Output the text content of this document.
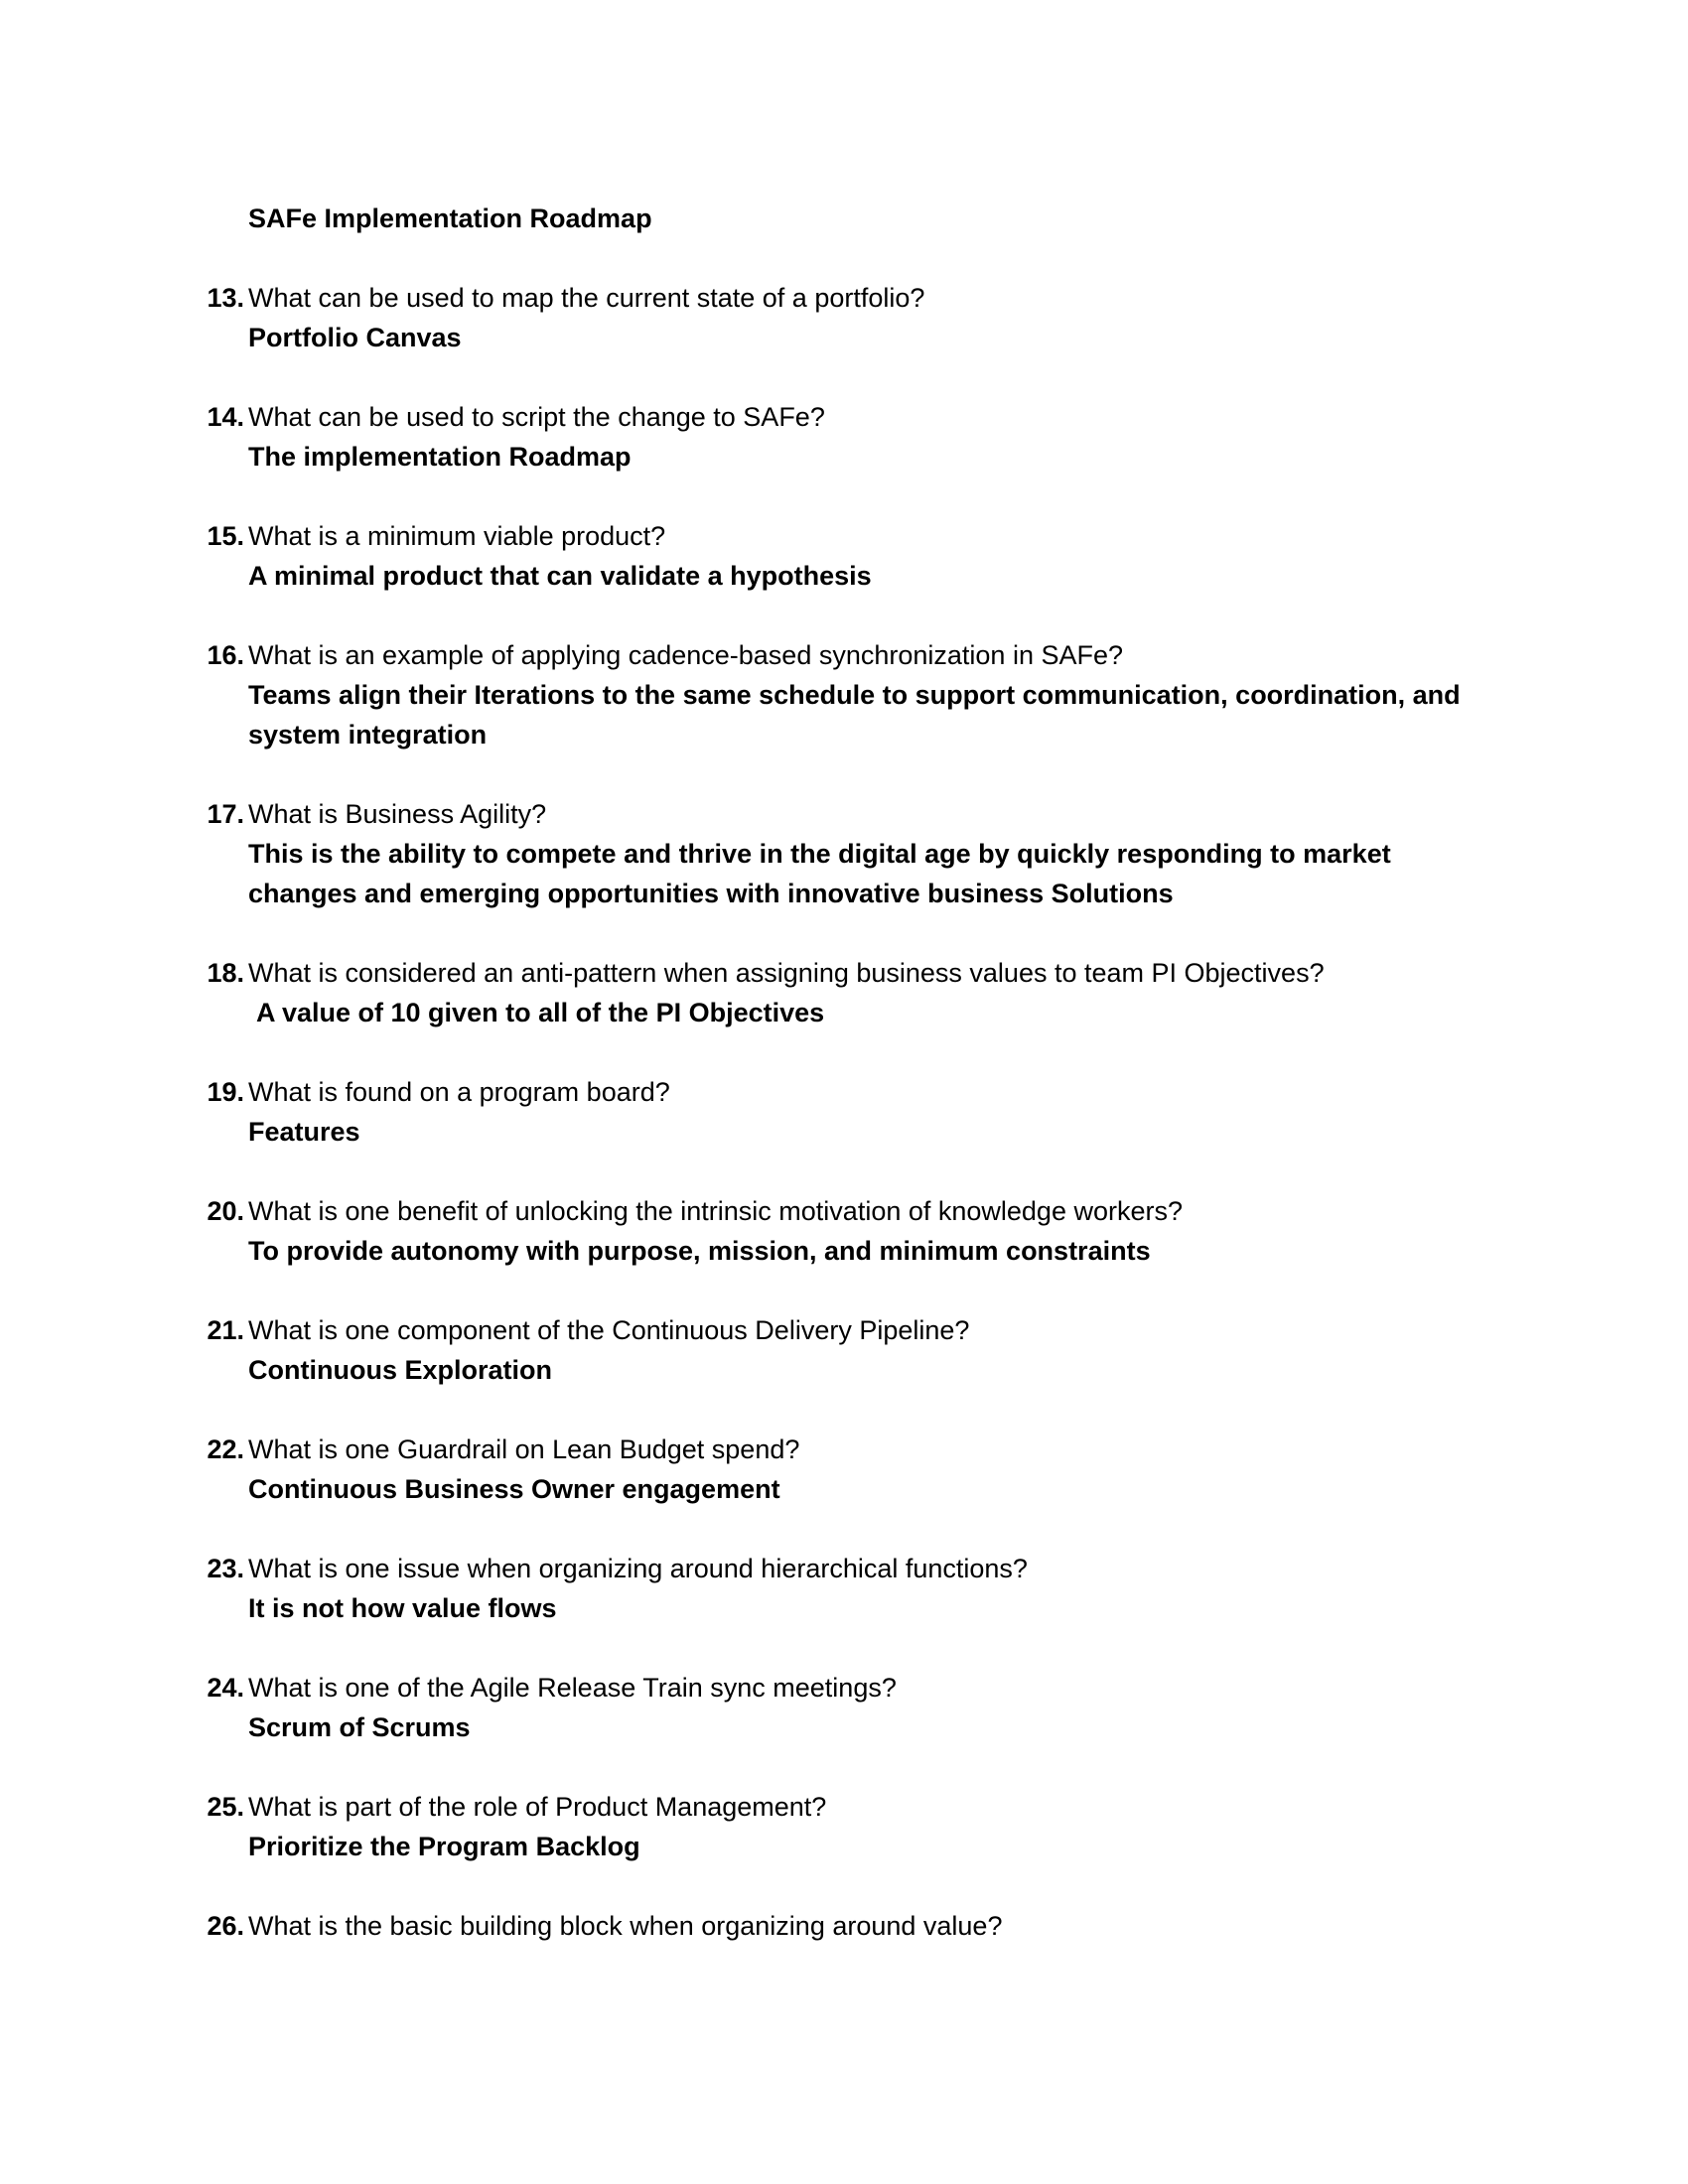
SAFe Implementation Roadmap

13. What can be used to map the current state of a portfolio?

Portfolio Canvas

14. What can be used to script the change to SAFe?

The implementation Roadmap

15. What is a minimum viable product?

A minimal product that can validate a hypothesis

16. What is an example of applying cadence-based synchronization in SAFe?

Teams align their Iterations to the same schedule to support communication, coordination, and system integration

17. What is Business Agility?

This is the ability to compete and thrive in the digital age by quickly responding to market changes and emerging opportunities with innovative business Solutions

18. What is considered an anti-pattern when assigning business values to team PI Objectives?

A value of 10 given to all of the PI Objectives

19. What is found on a program board?

Features

20. What is one benefit of unlocking the intrinsic motivation of knowledge workers?

To provide autonomy with purpose, mission, and minimum constraints

21. What is one component of the Continuous Delivery Pipeline?

Continuous Exploration

22. What is one Guardrail on Lean Budget spend?

Continuous Business Owner engagement

23. What is one issue when organizing around hierarchical functions?

It is not how value flows

24. What is one of the Agile Release Train sync meetings?

Scrum of Scrums

25. What is part of the role of Product Management?

Prioritize the Program Backlog

26. What is the basic building block when organizing around value?
